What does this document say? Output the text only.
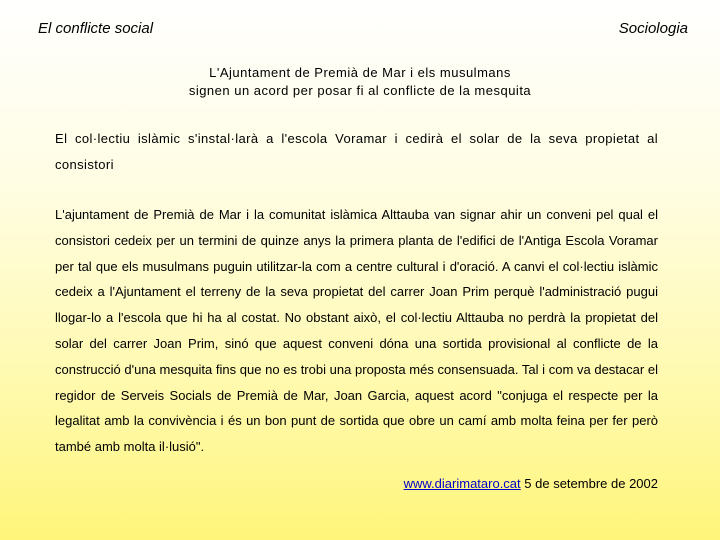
El conflicte social	Sociologia
L'Ajuntament de Premià de Mar i els musulmans
signen un acord per posar fi al conflicte de la mesquita
El col·lectiu islàmic s'instal·larà a l'escola Voramar i cedirà el solar de la seva propietat al consistori
L'ajuntament de Premià de Mar i la comunitat islàmica Alttauba van signar ahir un conveni pel qual el consistori cedeix per un termini de quinze anys la primera planta de l'edifici de l'Antiga Escola Voramar per tal que els musulmans puguin utilitzar-la com a centre cultural i d'oració. A canvi el col·lectiu islàmic cedeix a l'Ajuntament el terreny de la seva propietat del carrer Joan Prim perquè l'administració pugui llogar-lo a l'escola que hi ha al costat. No obstant això, el col·lectiu Alttauba no perdrà la propietat del solar del carrer Joan Prim, sinó que aquest conveni dóna una sortida provisional al conflicte de la construcció d'una mesquita fins que no es trobi una proposta més consensuada. Tal i com va destacar el regidor de Serveis Socials de Premià de Mar, Joan Garcia, aquest acord "conjuga el respecte per la legalitat amb la convivència i és un bon punt de sortida que obre un camí amb molta feina per fer però també amb molta il·lusió".
www.diarimataro.cat 5 de setembre de 2002
